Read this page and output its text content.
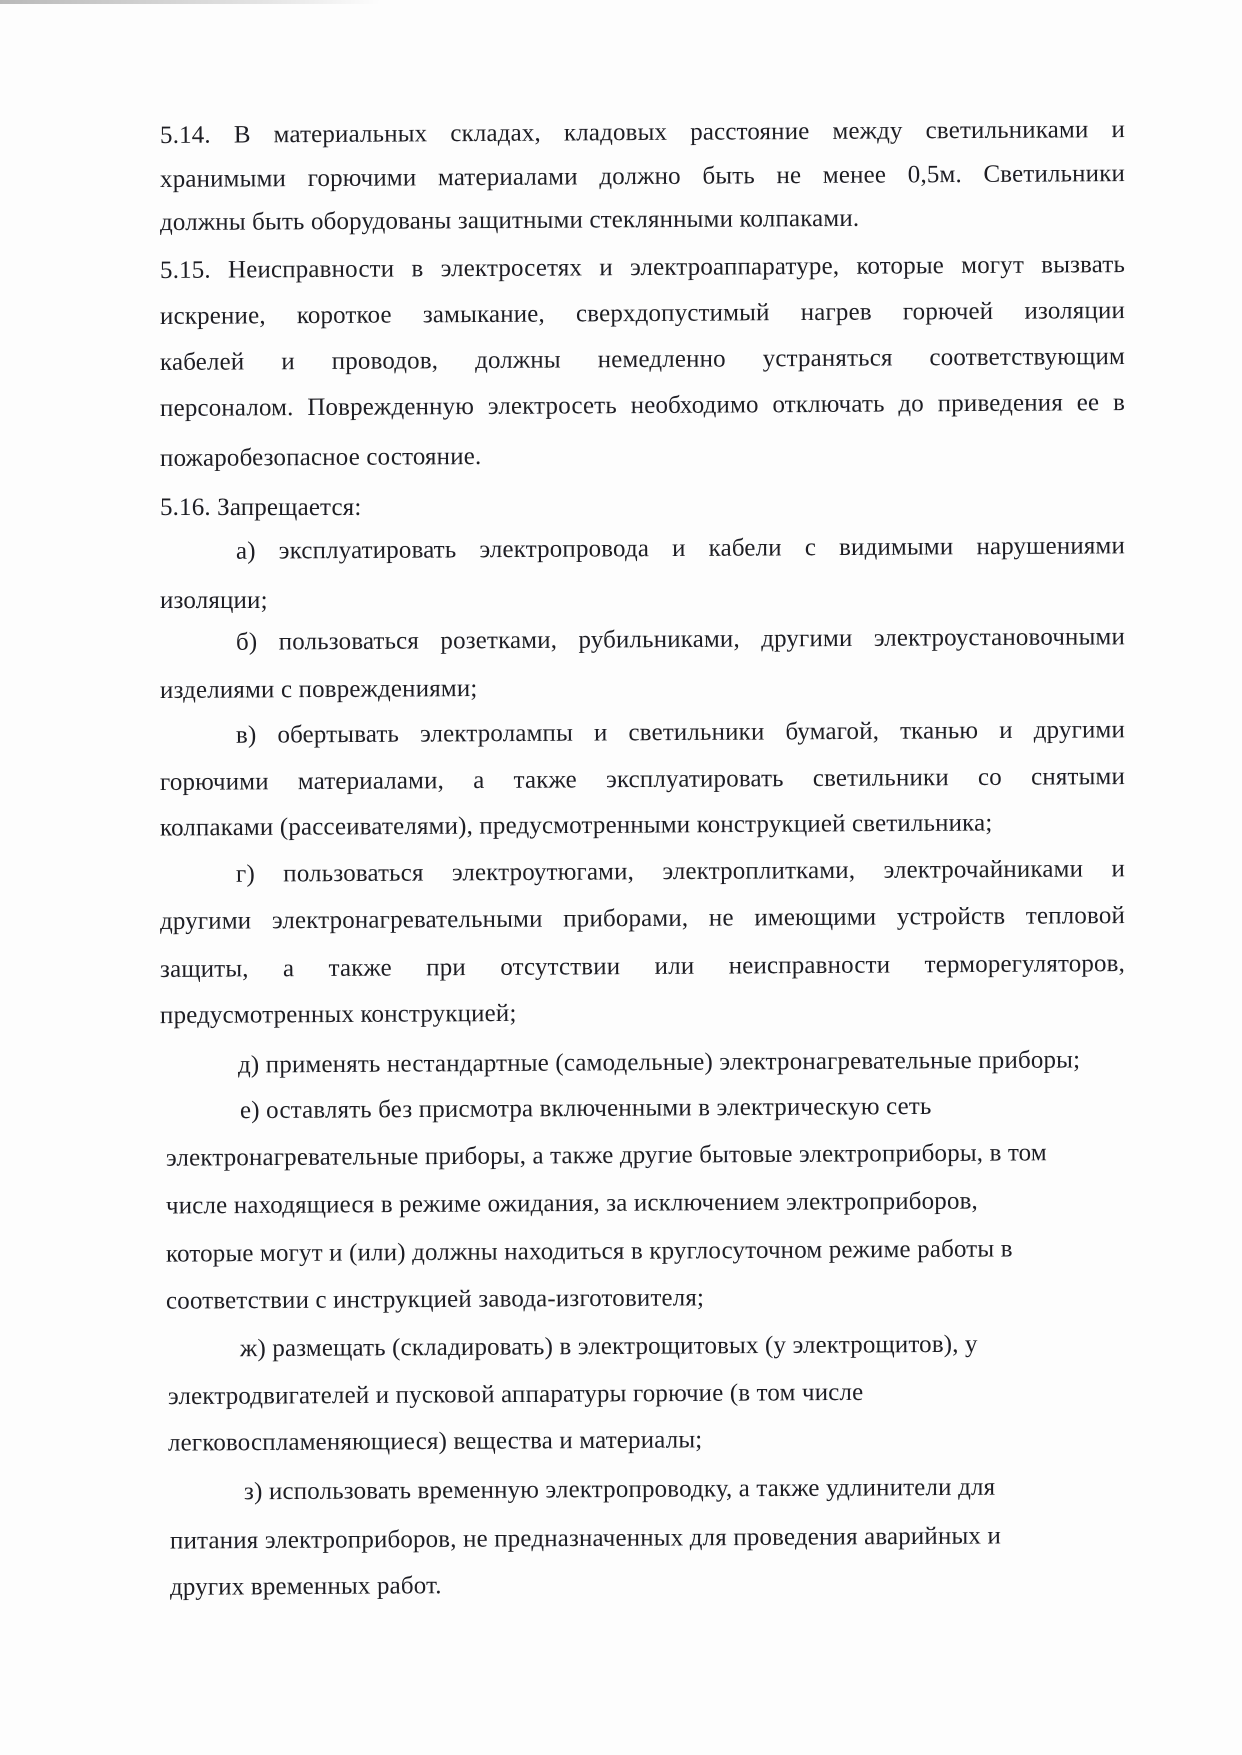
5.14. В материальных складах, кладовых расстояние между светильниками и
хранимыми горючими материалами должно быть не менее 0,5м. Светильники
должны быть оборудованы защитными стеклянными колпаками.
5.15. Неисправности в электросетях и электроаппаратуре, которые могут вызвать
искрение, короткое замыкание, сверхдопустимый нагрев горючей изоляции
кабелей и проводов, должны немедленно устраняться соответствующим
персоналом. Поврежденную электросеть необходимо отключать до приведения ее в
пожаробезопасное состояние.
5.16. Запрещается:
а) эксплуатировать электропровода и кабели с видимыми нарушениями
изоляции;
б) пользоваться розетками, рубильниками, другими электроустановочными
изделиями с повреждениями;
в) обертывать электролампы и светильники бумагой, тканью и другими
горючими материалами, а также эксплуатировать светильники со снятыми
колпаками (рассеивателями), предусмотренными конструкцией светильника;
г) пользоваться электроутюгами, электроплитками, электрочайниками и
другими электронагревательными приборами, не имеющими устройств тепловой
защиты, а также при отсутствии или неисправности терморегуляторов,
предусмотренных конструкцией;
д) применять нестандартные (самодельные) электронагревательные приборы;
е) оставлять без присмотра включенными в электрическую сеть
электронагревательные приборы, а также другие бытовые электроприборы, в том
числе находящиеся в режиме ожидания, за исключением электроприборов,
которые могут и (или) должны находиться в круглосуточном режиме работы в
соответствии с инструкцией завода-изготовителя;
ж) размещать (складировать) в электрощитовых (у электрощитов), у
электродвигателей и пусковой аппаратуры горючие (в том числе
легковоспламеняющиеся) вещества и материалы;
з) использовать временную электропроводку, а также удлинители для
питания электроприборов, не предназначенных для проведения аварийных и
других временных работ.
